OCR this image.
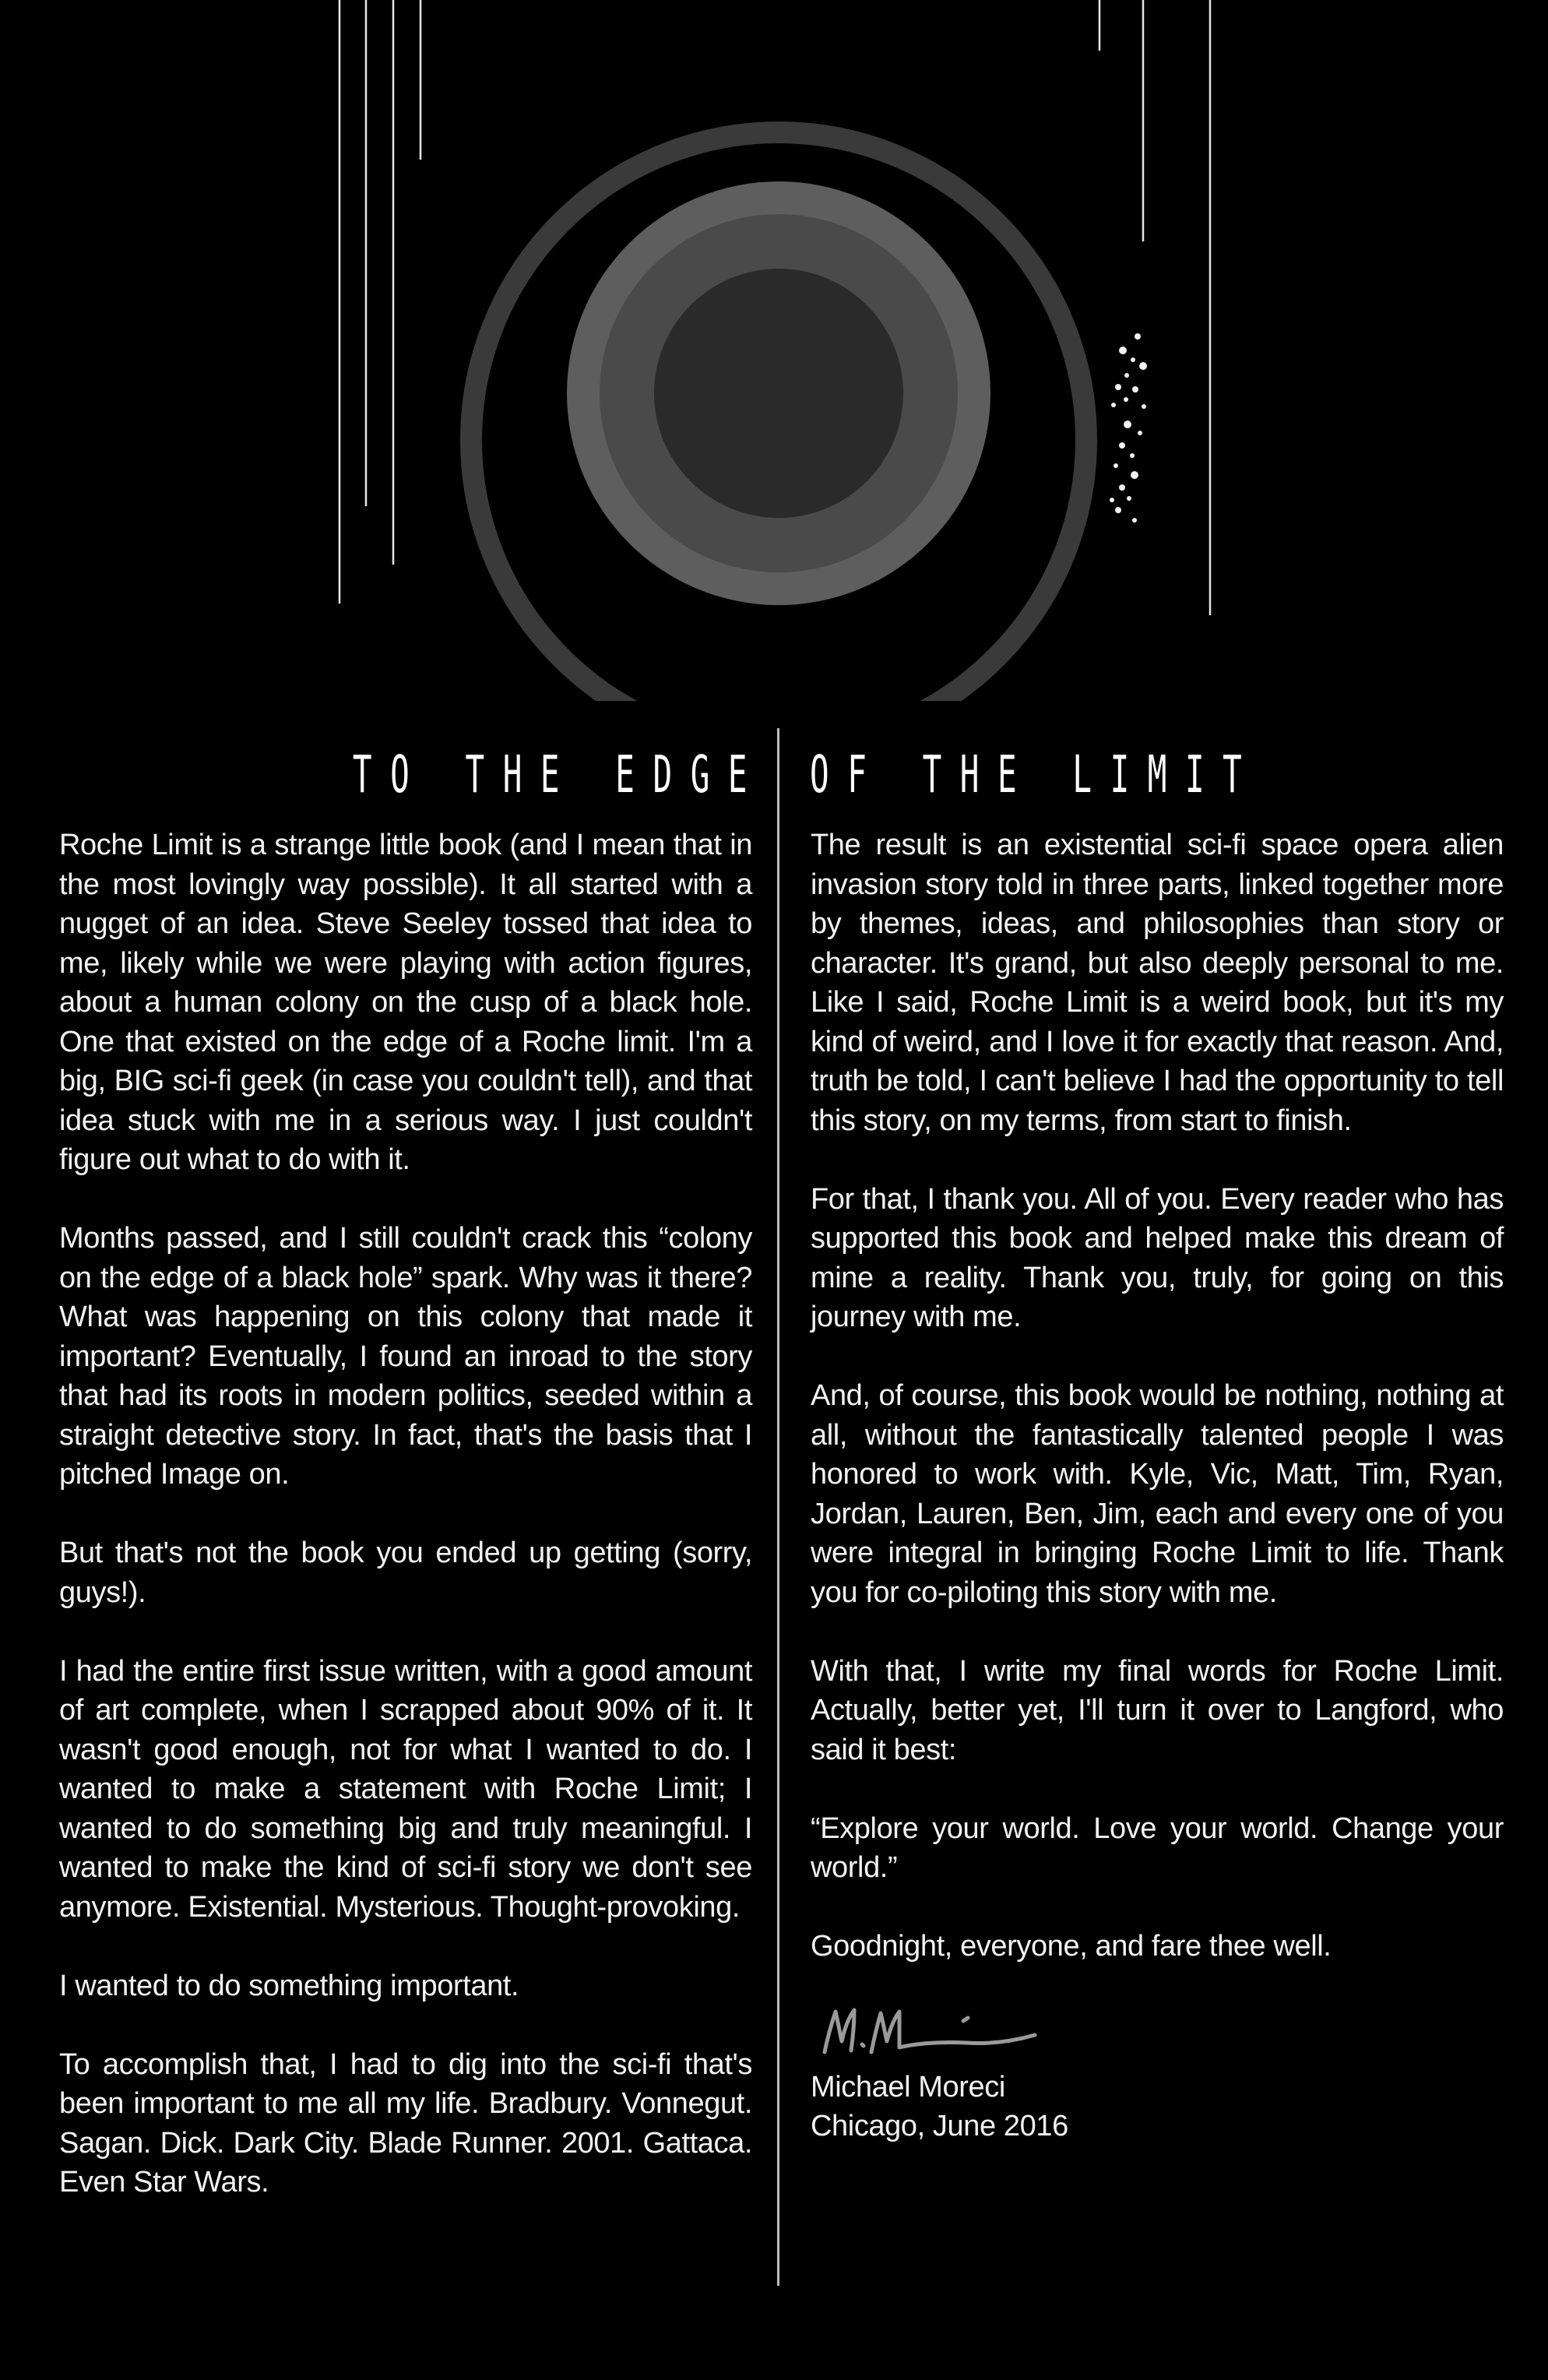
TO THE EDGE OF THE LIMIT

Roche Limit is a strange little book (and I mean that in the most lovingly way possible). It all started with a nugget of an idea. Steve Seeley tossed that idea to me, likely while we were playing with action figures, about a human colony on the cusp of a black hole. One that existed on the edge of a Roche limit. I'm a big, BIG sci-fi geek (in case you couldn't tell), and that idea stuck with me in a serious way. I just couldn't figure out what to do with it.

Months passed, and I still couldn't crack this “colony on the edge of a black hole” spark. Why was it there? What was happening on this colony that made it important? Eventually, I found an inroad to the story that had its roots in modern politics, seeded within a straight detective story. In fact, that's the basis that I pitched Image on.

But that's not the book you ended up getting (sorry, guys!).

I had the entire first issue written, with a good amount of art complete, when I scrapped about 90% of it. It wasn't good enough, not for what I wanted to do. I wanted to make a statement with Roche Limit; I wanted to do something big and truly meaningful. I wanted to make the kind of sci-fi story we don't see anymore. Existential. Mysterious. Thought-provoking.

I wanted to do something important.

To accomplish that, I had to dig into the sci-fi that's been important to me all my life. Bradbury. Vonnegut. Sagan. Dick. Dark City. Blade Runner. 2001. Gattaca. Even Star Wars.

The result is an existential sci-fi space opera alien invasion story told in three parts, linked together more by themes, ideas, and philosophies than story or character. It's grand, but also deeply personal to me. Like I said, Roche Limit is a weird book, but it's my kind of weird, and I love it for exactly that reason. And, truth be told, I can't believe I had the opportunity to tell this story, on my terms, from start to finish.

For that, I thank you. All of you. Every reader who has supported this book and helped make this dream of mine a reality. Thank you, truly, for going on this journey with me.

And, of course, this book would be nothing, nothing at all, without the fantastically talented people I was honored to work with. Kyle, Vic, Matt, Tim, Ryan, Jordan, Lauren, Ben, Jim, each and every one of you were integral in bringing Roche Limit to life. Thank you for co-piloting this story with me.

With that, I write my final words for Roche Limit. Actually, better yet, I'll turn it over to Langford, who said it best:

“Explore your world. Love your world. Change your world.”

Goodnight, everyone, and fare thee well.

Michael Moreci

Chicago, June 2016
